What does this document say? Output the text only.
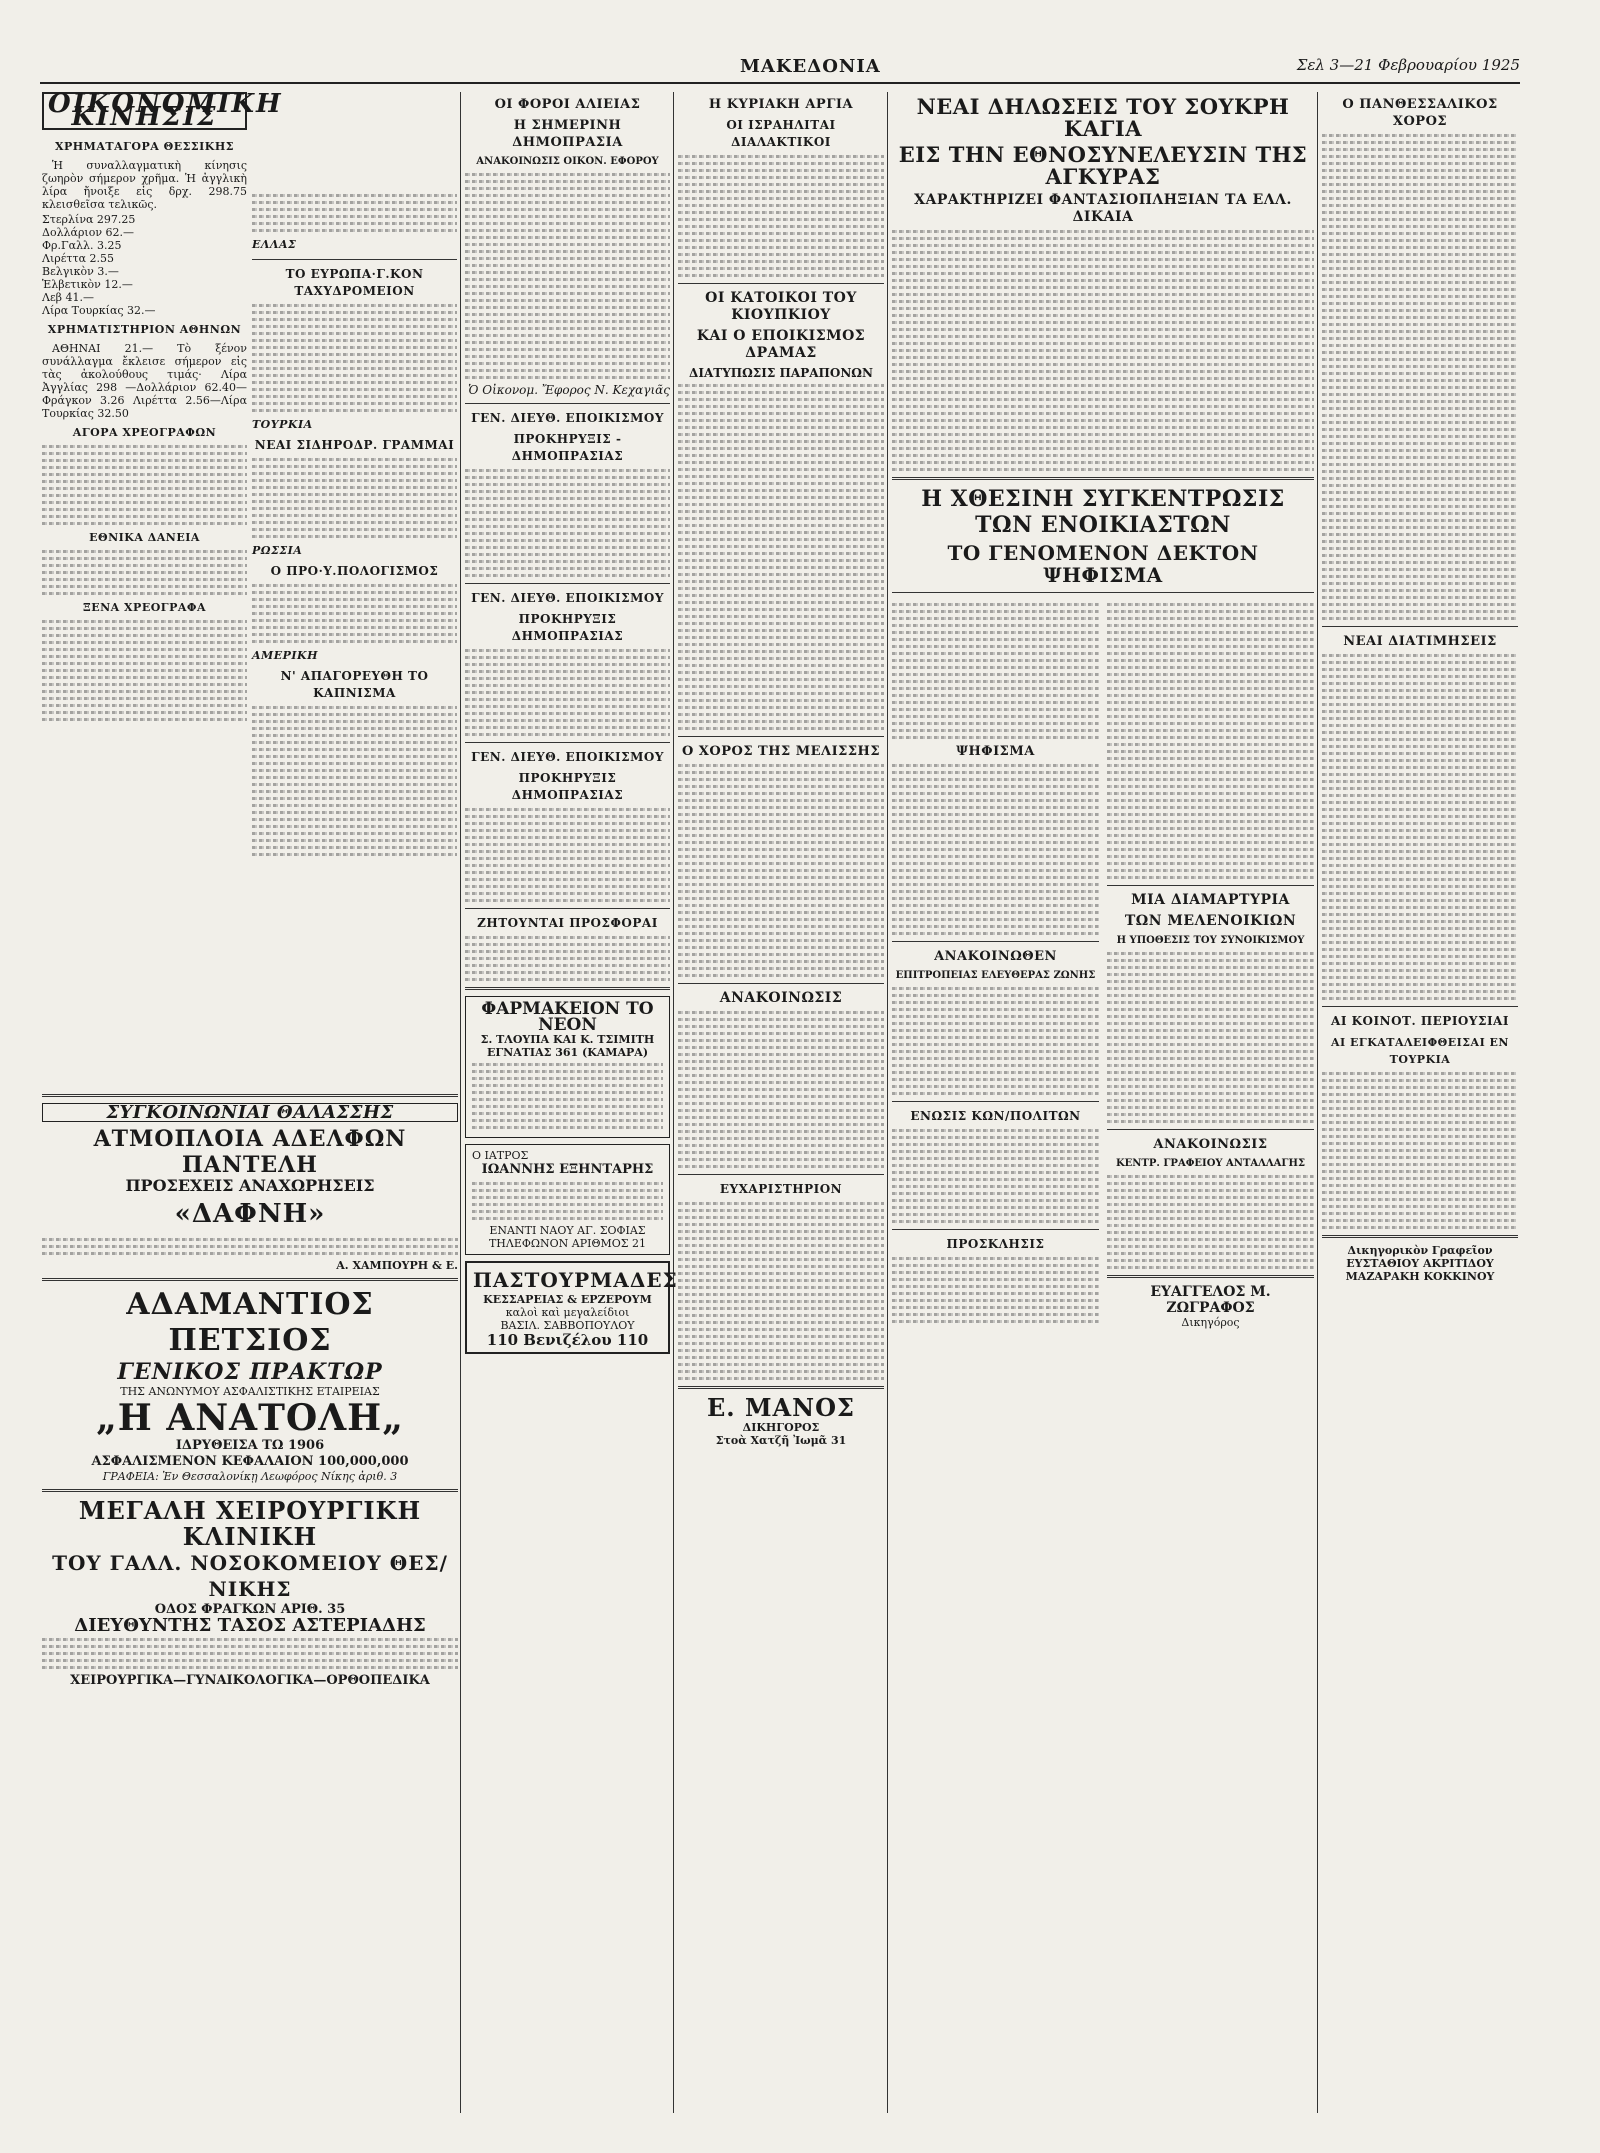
ΜΑΚΕΔΟΝΙΑ	Σελ 3—21 Φεβρουαρίου 1925
ΟΙΚΟΝΟΜΙΚΗ ΚΙΝΗΣΙΣ
ΧΡΗΜΑΤΑΓΟΡΑ ΘΕΣΣΙΚΗΣ

Ἡ συναλλαγματικὴ κίνησις ζωηρὸν σήμερον χρῆμα. Ἡ ἀγγλικὴ λίρα ἤνοιξε εἰς δρχ. 298.75 κλεισθεῖσα τελικῶς.

Στερλίνα 297.25
Δολλάριον 62.—
Φρ.Γαλλ. 3.25
Λιρέττα 2.55
Βελγικὸν 3.—
Ἑλβετικὸν 12.—
Λεβ 41.—
Λίρα Τουρκίας 32.—
ΧΡΗΜΑΤΙΣΤΗΡΙΟΝ ΑΘΗΝΩΝ

ΑΘΗΝΑΙ 21.— Τὸ ξένον συνάλλαγμα ἔκλεισε σήμερον εἰς τὰς ἀκολούθους τιμάς· Λίρα Ἀγγλίας 298 —Δολλάριον 62.40—Φράγκον 3.26 Λιρέττα 2.56—Λίρα Τουρκίας 32.50

ΑΓΟΡΑ ΧΡΕΟΓΡΑΦΩΝ
ΕΘΝΙΚΑ ΔΑΝΕΙΑ
ΞΕΝΑ ΧΡΕΟΓΡΑΦΑ
ΕΛΛΑΣ
ΤΟ ΕΥΡΩΠΑ·Γ.ΚΟΝ ΤΑΧΥΔΡΟΜΕΙΟΝ
ΤΟΥΡΚΙΑ
ΝΕΑΙ ΣΙΔΗΡΟΔΡ. ΓΡΑΜΜΑΙ
ΡΩΣΣΙΑ
Ο ΠΡΟ·Υ.ΠΟΛΟΓΙΣΜΟΣ
ΑΜΕΡΙΚΗ
Ν' ΑΠΑΓΟΡΕΥΘΗ ΤΟ ΚΑΠΝΙΣΜΑ
ΣΥΓΚΟΙΝΩΝΙΑΙ ΘΑΛΑΣΣΗΣ
ΑΤΜΟΠΛΟΙΑ ΑΔΕΛΦΩΝ ΠΑΝΤΕΛΗ
ΠΡΟΣΕΧΕΙΣ ΑΝΑΧΩΡΗΣΕΙΣ
«ΔΑΦΝΗ»
Α. ΧΑΜΠΟΥΡΗ & Ε.
ΑΔΑΜΑΝΤΙΟΣ ΠΕΤΣΙΟΣ
ΓΕΝΙΚΟΣ ΠΡΑΚΤΩΡ
ΤΗΣ ΑΝΩΝΥΜΟΥ ΑΣΦΑΛΙΣΤΙΚΗΣ ΕΤΑΙΡΕΙΑΣ
„Η ΑΝΑΤΟΛΗ„
ΙΔΡΥΘΕΙΣΑ ΤΩ 1906
ΑΣΦΑΛΙΣΜΕΝΟΝ ΚΕΦΑΛΑΙΟΝ 100,000,000
ΓΡΑΦΕΙΑ: Ἐν Θεσσαλονίκῃ Λεωφόρος Νίκης ἀριθ. 3
ΜΕΓΑΛΗ ΧΕΙΡΟΥΡΓΙΚΗ ΚΛΙΝΙΚΗ
ΤΟΥ ΓΑΛΛ. ΝΟΣΟΚΟΜΕΙΟΥ ΘΕΣ/ΝΙΚΗΣ
ΟΔΟΣ ΦΡΑΓΚΩΝ ΑΡΙΘ. 35
ΔΙΕΥΘΥΝΤΗΣ ΤΑΣΟΣ ΑΣΤΕΡΙΑΔΗΣ
ΧΕΙΡΟΥΡΓΙΚΑ—ΓΥΝΑΙΚΟΛΟΓΙΚΑ—ΟΡΘΟΠΕΔΙΚΑ
ΟΙ ΦΟΡΟΙ ΑΛΙΕΙΑΣ
Η ΣΗΜΕΡΙΝΗ ΔΗΜΟΠΡΑΣΙΑ
ΑΝΑΚΟΙΝΩΣΙΣ ΟΙΚΟΝ. ΕΦΟΡΟΥ
Ὁ Οἰκονομ. Ἔφορος Ν. Κεχαγιᾶς
ΓΕΝ. ΔΙΕΥΘ. ΕΠΟΙΚΙΣΜΟΥ
ΠΡΟΚΗΡΥΞΙΣ - ΔΗΜΟΠΡΑΣΙΑΣ
ΓΕΝ. ΔΙΕΥΘ. ΕΠΟΙΚΙΣΜΟΥ
ΠΡΟΚΗΡΥΞΙΣ ΔΗΜΟΠΡΑΣΙΑΣ
ΓΕΝ. ΔΙΕΥΘ. ΕΠΟΙΚΙΣΜΟΥ
ΠΡΟΚΗΡΥΞΙΣ ΔΗΜΟΠΡΑΣΙΑΣ
ΖΗΤΟΥΝΤΑΙ ΠΡΟΣΦΟΡΑΙ
ΦΑΡΜΑΚΕΙΟΝ ΤΟ ΝΕΟΝ
Σ. ΤΛΟΥΠΑ ΚΑΙ Κ. ΤΣΙΜΙΤΗ
ΕΓΝΑΤΙΑΣ 361 (ΚΑΜΑΡΑ)
Ο ΙΑΤΡΟΣ
ΙΩΑΝΝΗΣ ΕΞΗΝΤΑΡΗΣ
ΕΝΑΝΤΙ ΝΑΟΥ ΑΓ. ΣΟΦΙΑΣ
ΤΗΛΕΦΩΝΟΝ ΑΡΙΘΜΟΣ 21
ΠΑΣΤΟΥΡΜΑΔΕΣ
ΚΕΣΣΑΡΕΙΑΣ & ΕΡΖΕΡΟΥΜ
καλοὶ καὶ μεγαλείδιοι
ΒΑΣΙΛ. ΣΑΒΒΟΠΟΥΛΟΥ
110 Βενιζέλου 110
Η ΚΥΡΙΑΚΗ ΑΡΓΙΑ
ΟΙ ΙΣΡΑΗΛΙΤΑΙ ΔΙΑΛΑΚΤΙΚΟΙ
ΟΙ ΚΑΤΟΙΚΟΙ ΤΟΥ ΚΙΟΥΠΚΙΟΥ
ΚΑΙ Ο ΕΠΟΙΚΙΣΜΟΣ ΔΡΑΜΑΣ
ΔΙΑΤΥΠΩΣΙΣ ΠΑΡΑΠΟΝΩΝ
Ο ΧΟΡΟΣ ΤΗΣ ΜΕΛΙΣΣΗΣ
ΑΝΑΚΟΙΝΩΣΙΣ
ΕΥΧΑΡΙΣΤΗΡΙΟΝ
Ε. ΜΑΝΟΣ
ΔΙΚΗΓΟΡΟΣ
Στοὰ Χατζῆ Ἰωμᾶ 31
ΝΕΑΙ ΔΗΛΩΣΕΙΣ ΤΟΥ ΣΟΥΚΡΗ ΚΑΓΙΑ
ΕΙΣ ΤΗΝ ΕΘΝΟΣΥΝΕΛΕΥΣΙΝ ΤΗΣ ΑΓΚΥΡΑΣ
ΧΑΡΑΚΤΗΡΙΖΕΙ ΦΑΝΤΑΣΙΟΠΛΗΞΙΑΝ ΤΑ ΕΛΛ. ΔΙΚΑΙΑ
Η ΧΘΕΣΙΝΗ ΣΥΓΚΕΝΤΡΩΣΙΣ ΤΩΝ ΕΝΟΙΚΙΑΣΤΩΝ
ΤΟ ΓΕΝΟΜΕΝΟΝ ΔΕΚΤΟΝ ΨΗΦΙΣΜΑ
ΨΗΦΙΣΜΑ
ΑΝΑΚΟΙΝΩΘΕΝ
ΕΠΙΤΡΟΠΕΙΑΣ ΕΛΕΥΘΕΡΑΣ ΖΩΝΗΣ
ΕΝΩΣΙΣ ΚΩΝ/ΠΟΛΙΤΩΝ
ΠΡΟΣΚΛΗΣΙΣ
ΜΙΑ ΔΙΑΜΑΡΤΥΡΙΑ
ΤΩΝ ΜΕΛΕΝΟΙΚΙΩΝ
Η ΥΠΟΘΕΣΙΣ ΤΟΥ ΣΥΝΟΙΚΙΣΜΟΥ
ΑΝΑΚΟΙΝΩΣΙΣ
ΚΕΝΤΡ. ΓΡΑΦΕΙΟΥ ΑΝΤΑΛΛΑΓΗΣ
ΕΥΑΓΓΕΛΟΣ Μ. ΖΩΓΡΑΦΟΣ
Δικηγόρος
Ο ΠΑΝΘΕΣΣΑΛΙΚΟΣ ΧΟΡΟΣ
ΝΕΑΙ ΔΙΑΤΙΜΗΣΕΙΣ
ΑΙ ΚΟΙΝΟΤ. ΠΕΡΙΟΥΣΙΑΙ
ΑΙ ΕΓΚΑΤΑΛΕΙΦΘΕΙΣΑΙ ΕΝ ΤΟΥΡΚΙΑ
Δικηγορικὸν Γραφεῖον ΕΥΣΤΑΘΙΟΥ ΑΚΡΙΤΙΔΟΥ ΜΑΖΑΡΑΚΗ ΚΟΚΚΙΝΟΥ
